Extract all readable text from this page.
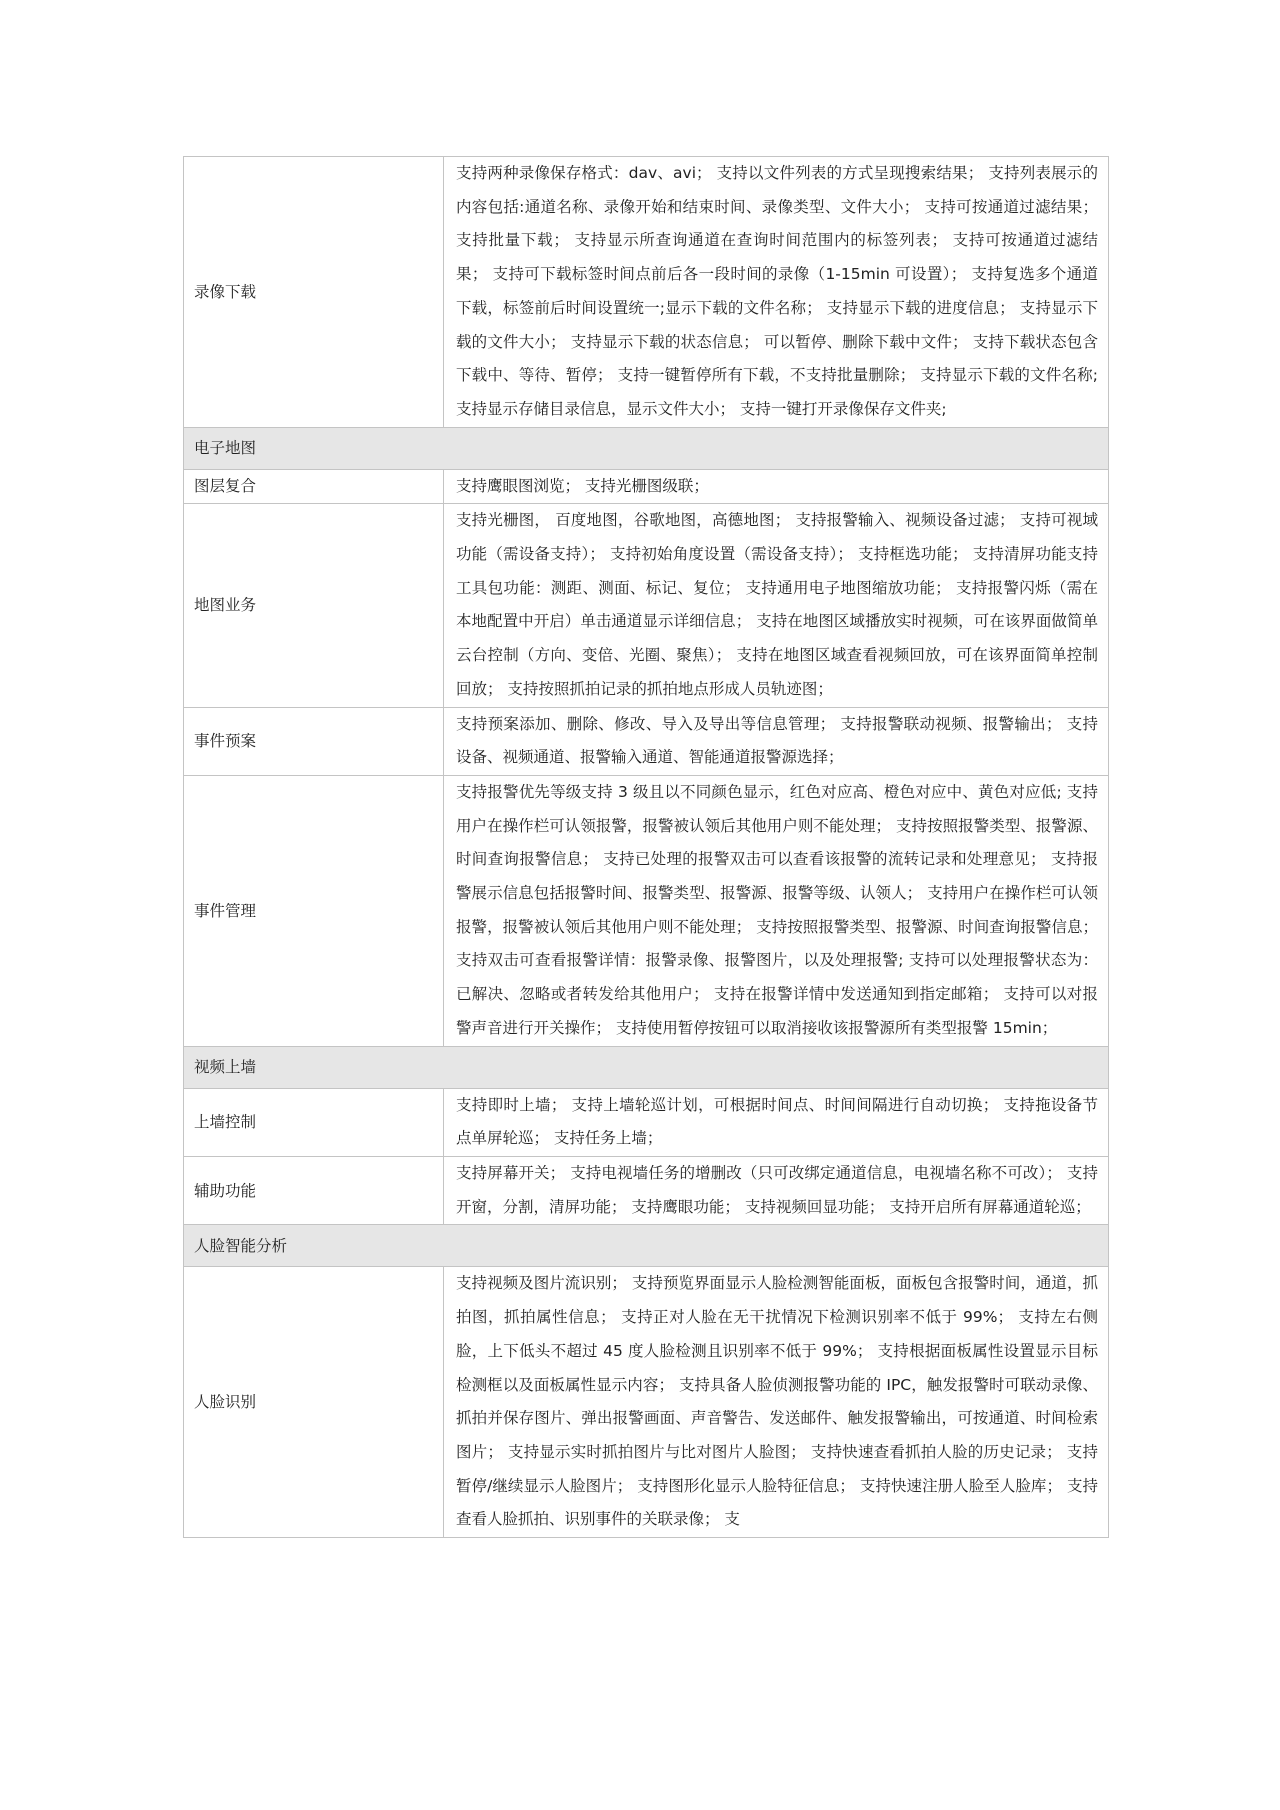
录像下载	支持两种录像保存格式：dav、avi； 支持以文件列表的方式呈现搜索结果； 支持列表展示的内容包括:通道名称、录像开始和结束时间、录像类型、文件大小； 支持可按通道过滤结果； 支持批量下载； 支持显示所查询通道在查询时间范围内的标签列表； 支持可按通道过滤结果； 支持可下载标签时间点前后各一段时间的录像（1-15min 可设置）； 支持复选多个通道下载，标签前后时间设置统一;显示下载的文件名称； 支持显示下载的进度信息； 支持显示下载的文件大小； 支持显示下载的状态信息； 可以暂停、删除下载中文件； 支持下载状态包含下载中、等待、暂停； 支持一键暂停所有下载，不支持批量删除； 支持显示下载的文件名称;支持显示存储目录信息，显示文件大小； 支持一键打开录像保存文件夹;
电子地图	
图层复合	支持鹰眼图浏览； 支持光栅图级联；
地图业务	支持光栅图， 百度地图，谷歌地图，高德地图； 支持报警输入、视频设备过滤； 支持可视域功能（需设备支持）； 支持初始角度设置（需设备支持）； 支持框选功能； 支持清屏功能支持工具包功能：测距、测面、标记、复位； 支持通用电子地图缩放功能； 支持报警闪烁（需在本地配置中开启）单击通道显示详细信息； 支持在地图区域播放实时视频，可在该界面做简单云台控制（方向、变倍、光圈、聚焦）； 支持在地图区域查看视频回放，可在该界面简单控制回放； 支持按照抓拍记录的抓拍地点形成人员轨迹图；
事件预案	支持预案添加、删除、修改、导入及导出等信息管理； 支持报警联动视频、报警输出； 支持设备、视频通道、报警输入通道、智能通道报警源选择；
事件管理	支持报警优先等级支持 3 级且以不同颜色显示，红色对应高、橙色对应中、黄色对应低; 支持用户在操作栏可认领报警，报警被认领后其他用户则不能处理； 支持按照报警类型、报警源、时间查询报警信息； 支持已处理的报警双击可以查看该报警的流转记录和处理意见； 支持报警展示信息包括报警时间、报警类型、报警源、报警等级、认领人； 支持用户在操作栏可认领报警，报警被认领后其他用户则不能处理； 支持按照报警类型、报警源、时间查询报警信息； 支持双击可查看报警详情：报警录像、报警图片，以及处理报警; 支持可以处理报警状态为：已解决、忽略或者转发给其他用户； 支持在报警详情中发送通知到指定邮箱； 支持可以对报警声音进行开关操作； 支持使用暂停按钮可以取消接收该报警源所有类型报警 15min；
视频上墙	
上墙控制	支持即时上墙； 支持上墙轮巡计划，可根据时间点、时间间隔进行自动切换； 支持拖设备节点单屏轮巡； 支持任务上墙；
辅助功能	支持屏幕开关； 支持电视墙任务的增删改（只可改绑定通道信息，电视墙名称不可改）； 支持开窗，分割，清屏功能； 支持鹰眼功能； 支持视频回显功能； 支持开启所有屏幕通道轮巡；
人脸智能分析	
人脸识别	支持视频及图片流识别； 支持预览界面显示人脸检测智能面板，面板包含报警时间，通道，抓拍图，抓拍属性信息； 支持正对人脸在无干扰情况下检测识别率不低于 99%； 支持左右侧脸，上下低头不超过 45 度人脸检测且识别率不低于 99%； 支持根据面板属性设置显示目标检测框以及面板属性显示内容； 支持具备人脸侦测报警功能的 IPC，触发报警时可联动录像、抓拍并保存图片、弹出报警画面、声音警告、发送邮件、触发报警输出，可按通道、时间检索图片； 支持显示实时抓拍图片与比对图片人脸图； 支持快速查看抓拍人脸的历史记录； 支持暂停/继续显示人脸图片； 支持图形化显示人脸特征信息； 支持快速注册人脸至人脸库； 支持查看人脸抓拍、识别事件的关联录像； 支
